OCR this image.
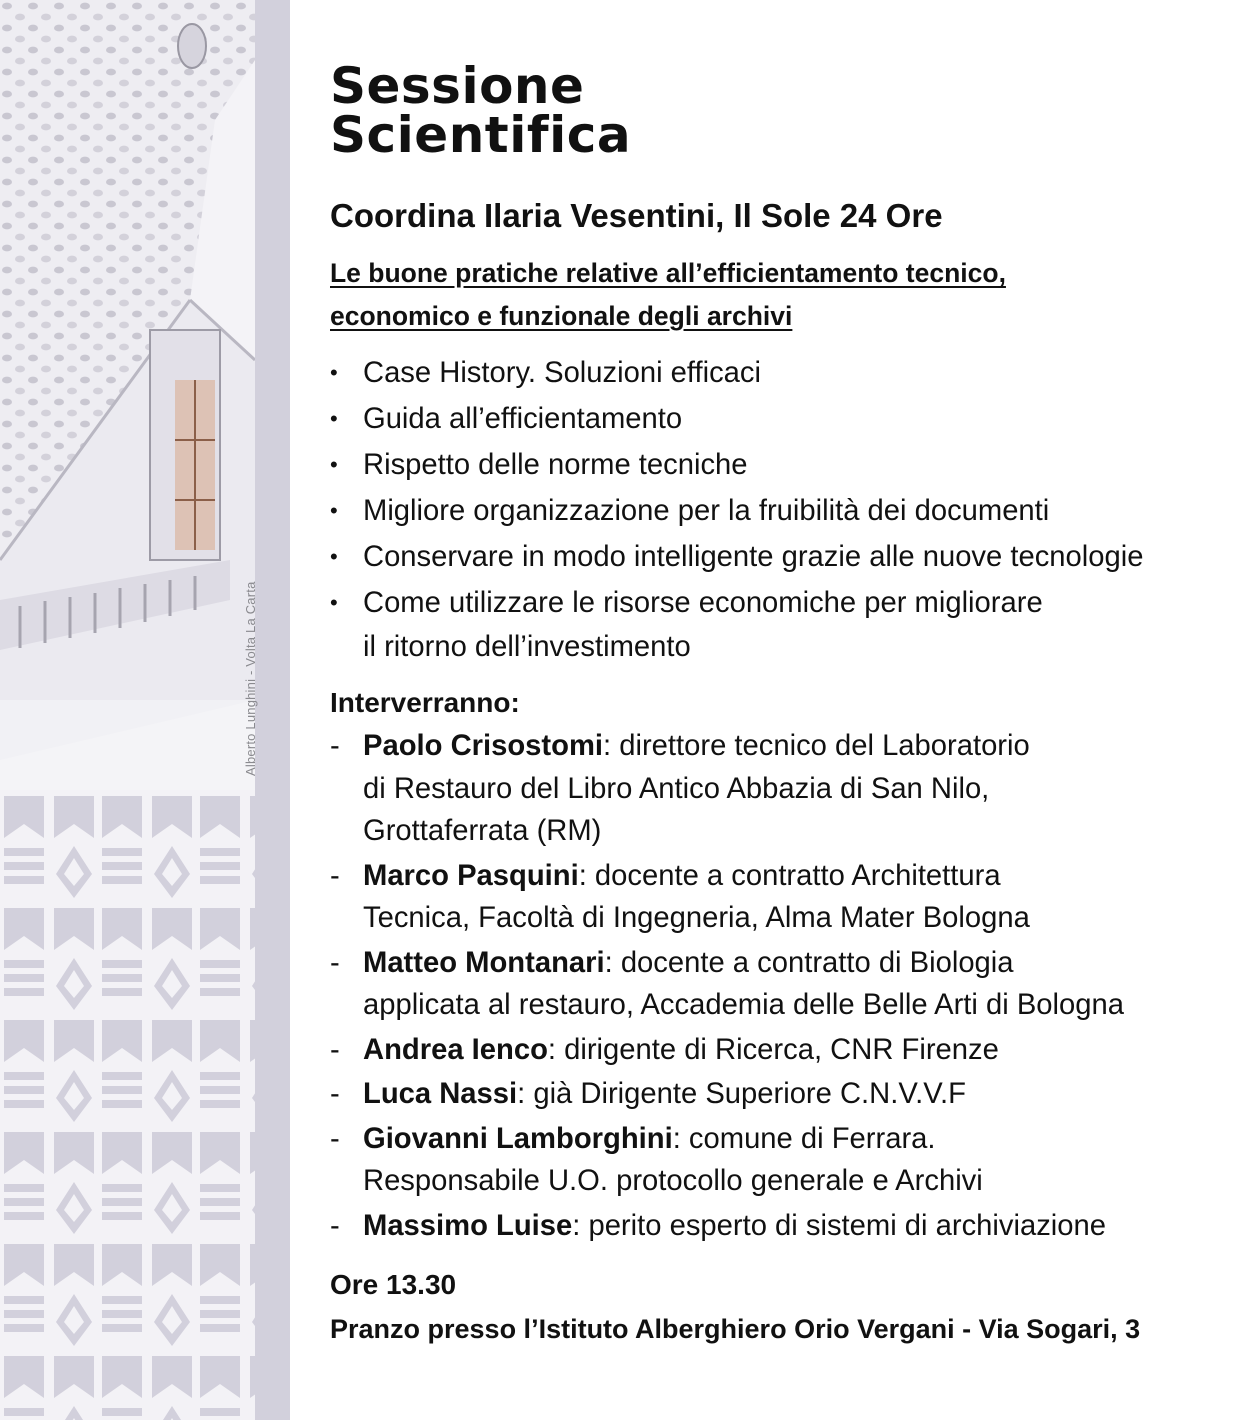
Alberto Lunghini - Volta La Carta
Sessione
Scientifica
Coordina Ilaria Vesentini, Il Sole 24 Ore
Le buone pratiche relative all’efficientamento tecnico,
economico e funzionale degli archivi
• Case History. Soluzioni efficaci
• Guida all’efficientamento
• Rispetto delle norme tecniche
• Migliore organizzazione per la fruibilità dei documenti
• Conservare in modo intelligente grazie alle nuove tecnologie
• Come utilizzare le risorse economiche per migliorare
il ritorno dell’investimento
Interverranno:
- Paolo Crisostomi: direttore tecnico del Laboratorio
di Restauro del Libro Antico Abbazia di San Nilo,
Grottaferrata (RM)
- Marco Pasquini: docente a contratto Architettura
Tecnica, Facoltà di Ingegneria, Alma Mater Bologna
- Matteo Montanari: docente a contratto di Biologia
applicata al restauro, Accademia delle Belle Arti di Bologna
- Andrea Ienco: dirigente di Ricerca, CNR Firenze
- Luca Nassi: già Dirigente Superiore C.N.V.V.F
- Giovanni Lamborghini: comune di Ferrara.
Responsabile U.O. protocollo generale e Archivi
- Massimo Luise: perito esperto di sistemi di archiviazione
Ore 13.30
Pranzo presso l’Istituto Alberghiero Orio Vergani - Via Sogari, 3
